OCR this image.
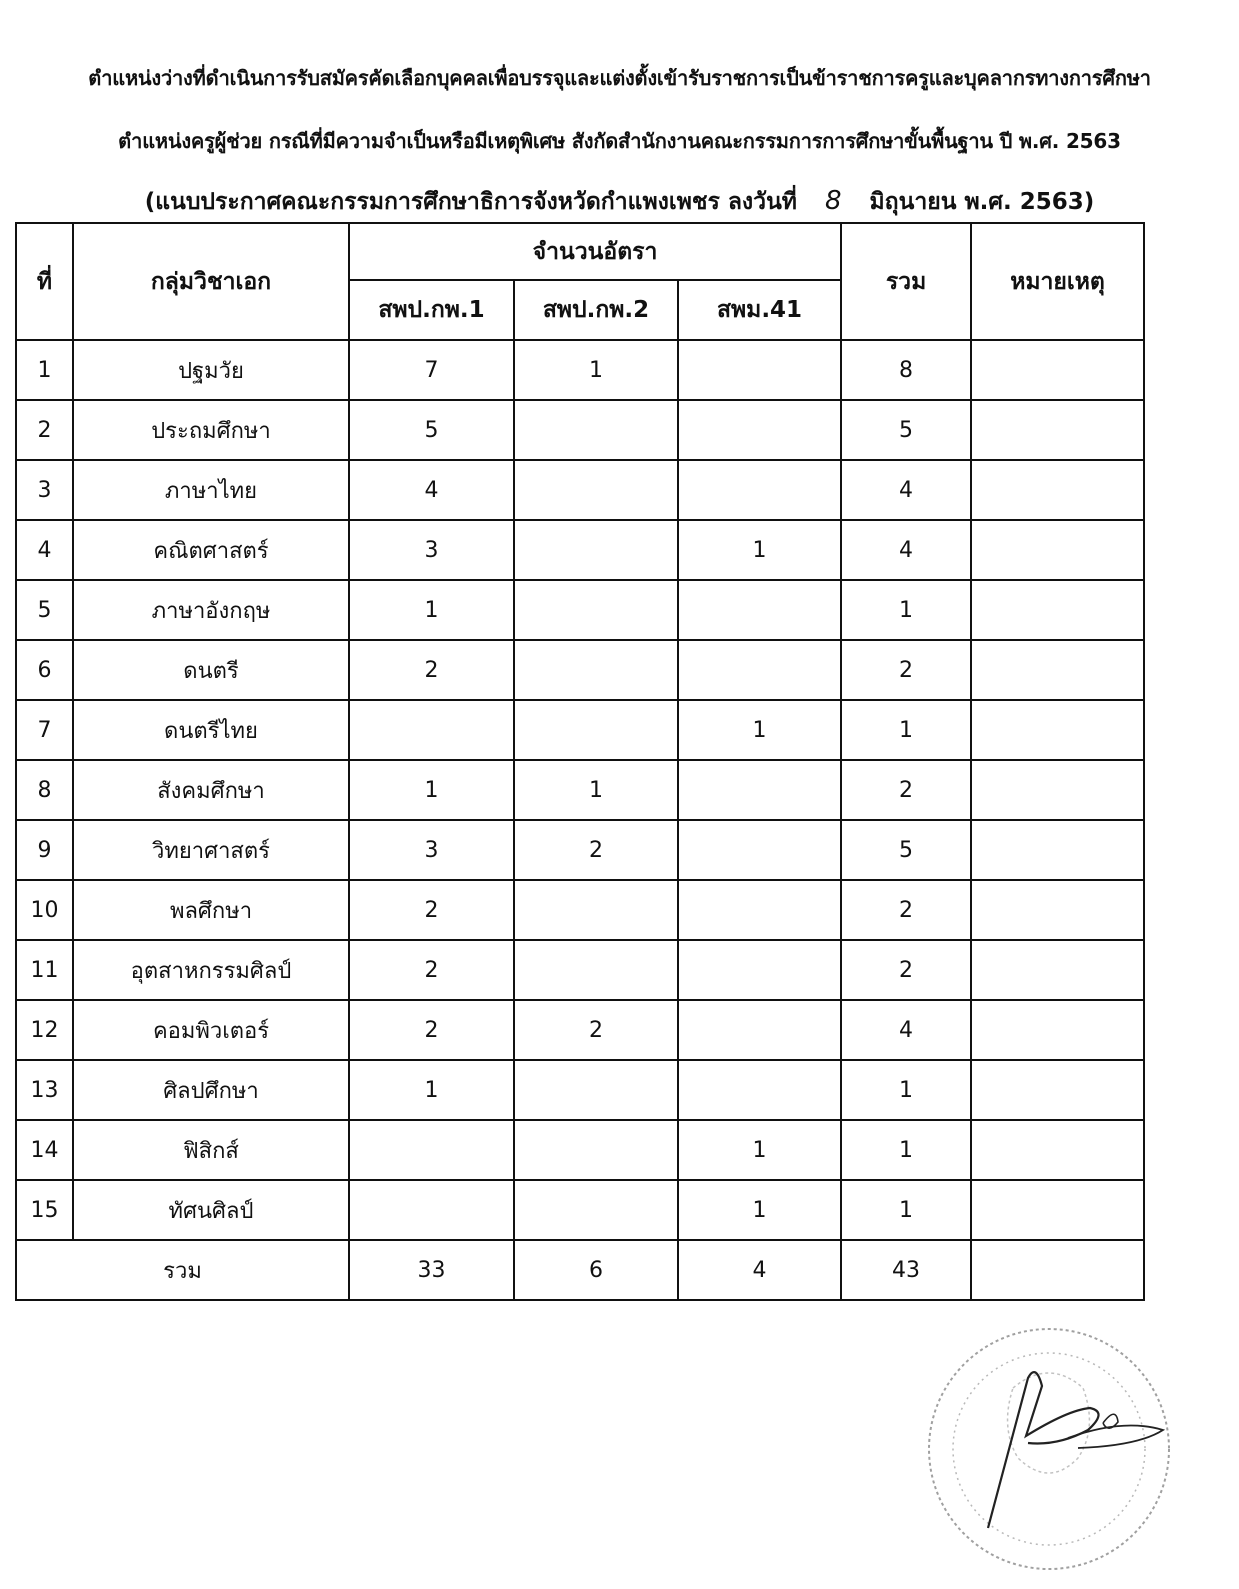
ตำแหน่งว่างที่ดำเนินการรับสมัครคัดเลือกบุคคลเพื่อบรรจุและแต่งตั้งเข้ารับราชการเป็นข้าราชการครูและบุคลากรทางการศึกษา
ตำแหน่งครูผู้ช่วย กรณีที่มีความจำเป็นหรือมีเหตุพิเศษ สังกัดสำนักงานคณะกรรมการการศึกษาขั้นพื้นฐาน ปี พ.ศ. 2563
(แนบประกาศคณะกรรมการศึกษาธิการจังหวัดกำแพงเพชร ลงวันที่ 8 มิถุนายน พ.ศ. 2563)
ที่	กลุ่มวิชาเอก	จำนวนอัตรา			รวม	หมายเหตุ
		สพป.กพ.1	สพป.กพ.2	สพม.41		
1	ปฐมวัย	7	1		8	
2	ประถมศึกษา	5			5	
3	ภาษาไทย	4			4	
4	คณิตศาสตร์	3		1	4	
5	ภาษาอังกฤษ	1			1	
6	ดนตรี	2			2	
7	ดนตรีไทย			1	1	
8	สังคมศึกษา	1	1		2	
9	วิทยาศาสตร์	3	2		5	
10	พลศึกษา	2			2	
11	อุตสาหกรรมศิลป์	2			2	
12	คอมพิวเตอร์	2	2		4	
13	ศิลปศึกษา	1			1	
14	ฟิสิกส์			1	1	
15	ทัศนศิลป์			1	1	
รวม		33	6	4	43	
